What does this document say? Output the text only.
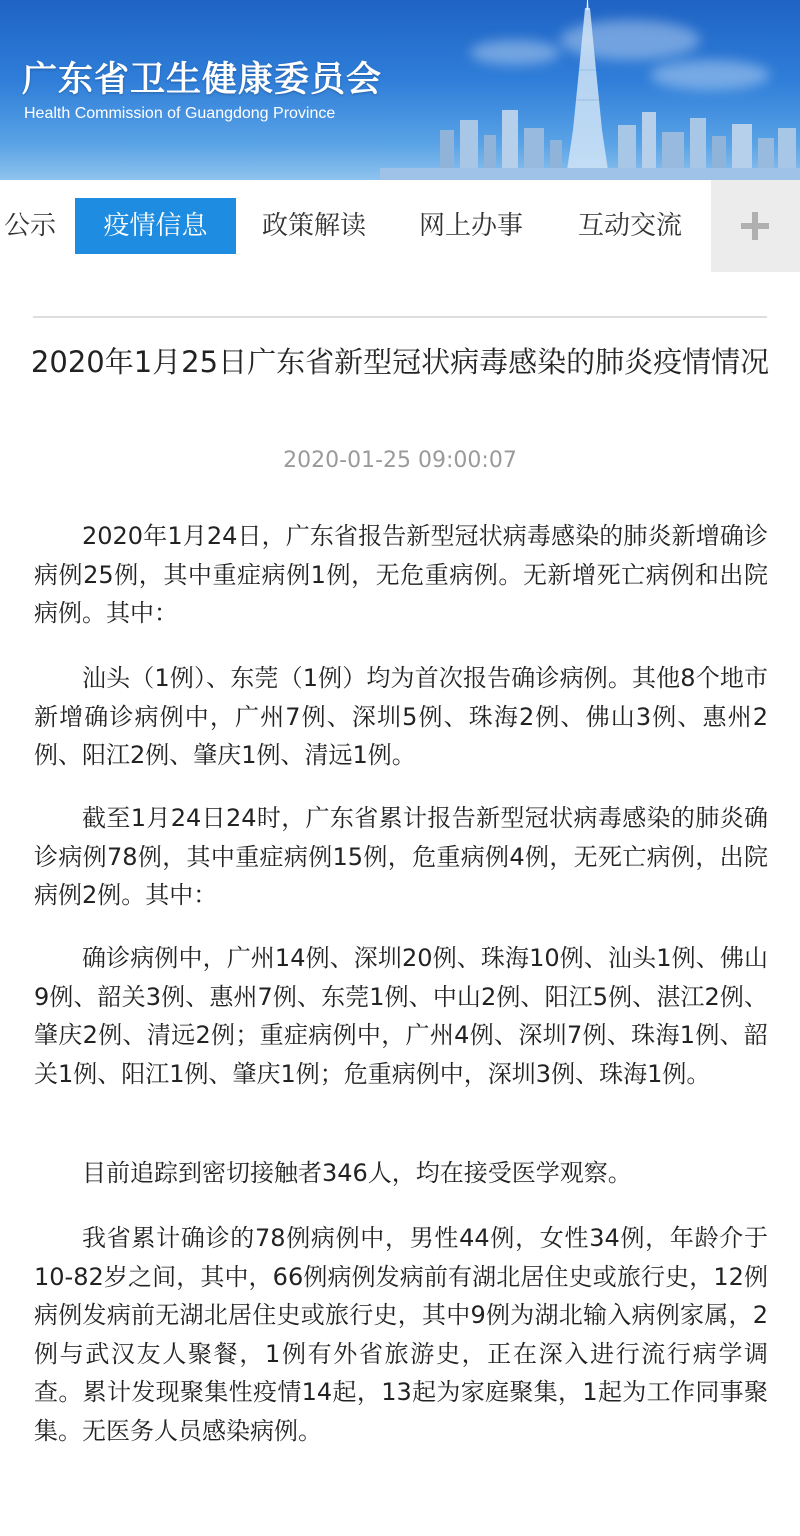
广东省卫生健康委员会
Health Commission of Guangdong Province
公示	疫情信息	政策解读	网上办事	互动交流
2020年1月25日广东省新型冠状病毒感染的肺炎疫情情况
2020-01-25 09:00:07

2020年1月24日，广东省报告新型冠状病毒感染的肺炎新增确诊病例25例，其中重症病例1例，无危重病例。无新增死亡病例和出院病例。其中：

汕头（1例）、东莞（1例）均为首次报告确诊病例。其他8个地市新增确诊病例中，广州7例、深圳5例、珠海2例、佛山3例、惠州2例、阳江2例、肇庆1例、清远1例。

截至1月24日24时，广东省累计报告新型冠状病毒感染的肺炎确诊病例78例，其中重症病例15例，危重病例4例，无死亡病例，出院病例2例。其中：

确诊病例中，广州14例、深圳20例、珠海10例、汕头1例、佛山9例、韶关3例、惠州7例、东莞1例、中山2例、阳江5例、湛江2例、肇庆2例、清远2例；重症病例中，广州4例、深圳7例、珠海1例、韶关1例、阳江1例、肇庆1例；危重病例中，深圳3例、珠海1例。

目前追踪到密切接触者346人，均在接受医学观察。

我省累计确诊的78例病例中，男性44例，女性34例，年龄介于10-82岁之间，其中，66例病例发病前有湖北居住史或旅行史，12例病例发病前无湖北居住史或旅行史，其中9例为湖北输入病例家属，2例与武汉友人聚餐，1例有外省旅游史，正在深入进行流行病学调查。累计发现聚集性疫情14起，13起为家庭聚集，1起为工作同事聚集。无医务人员感染病例。
